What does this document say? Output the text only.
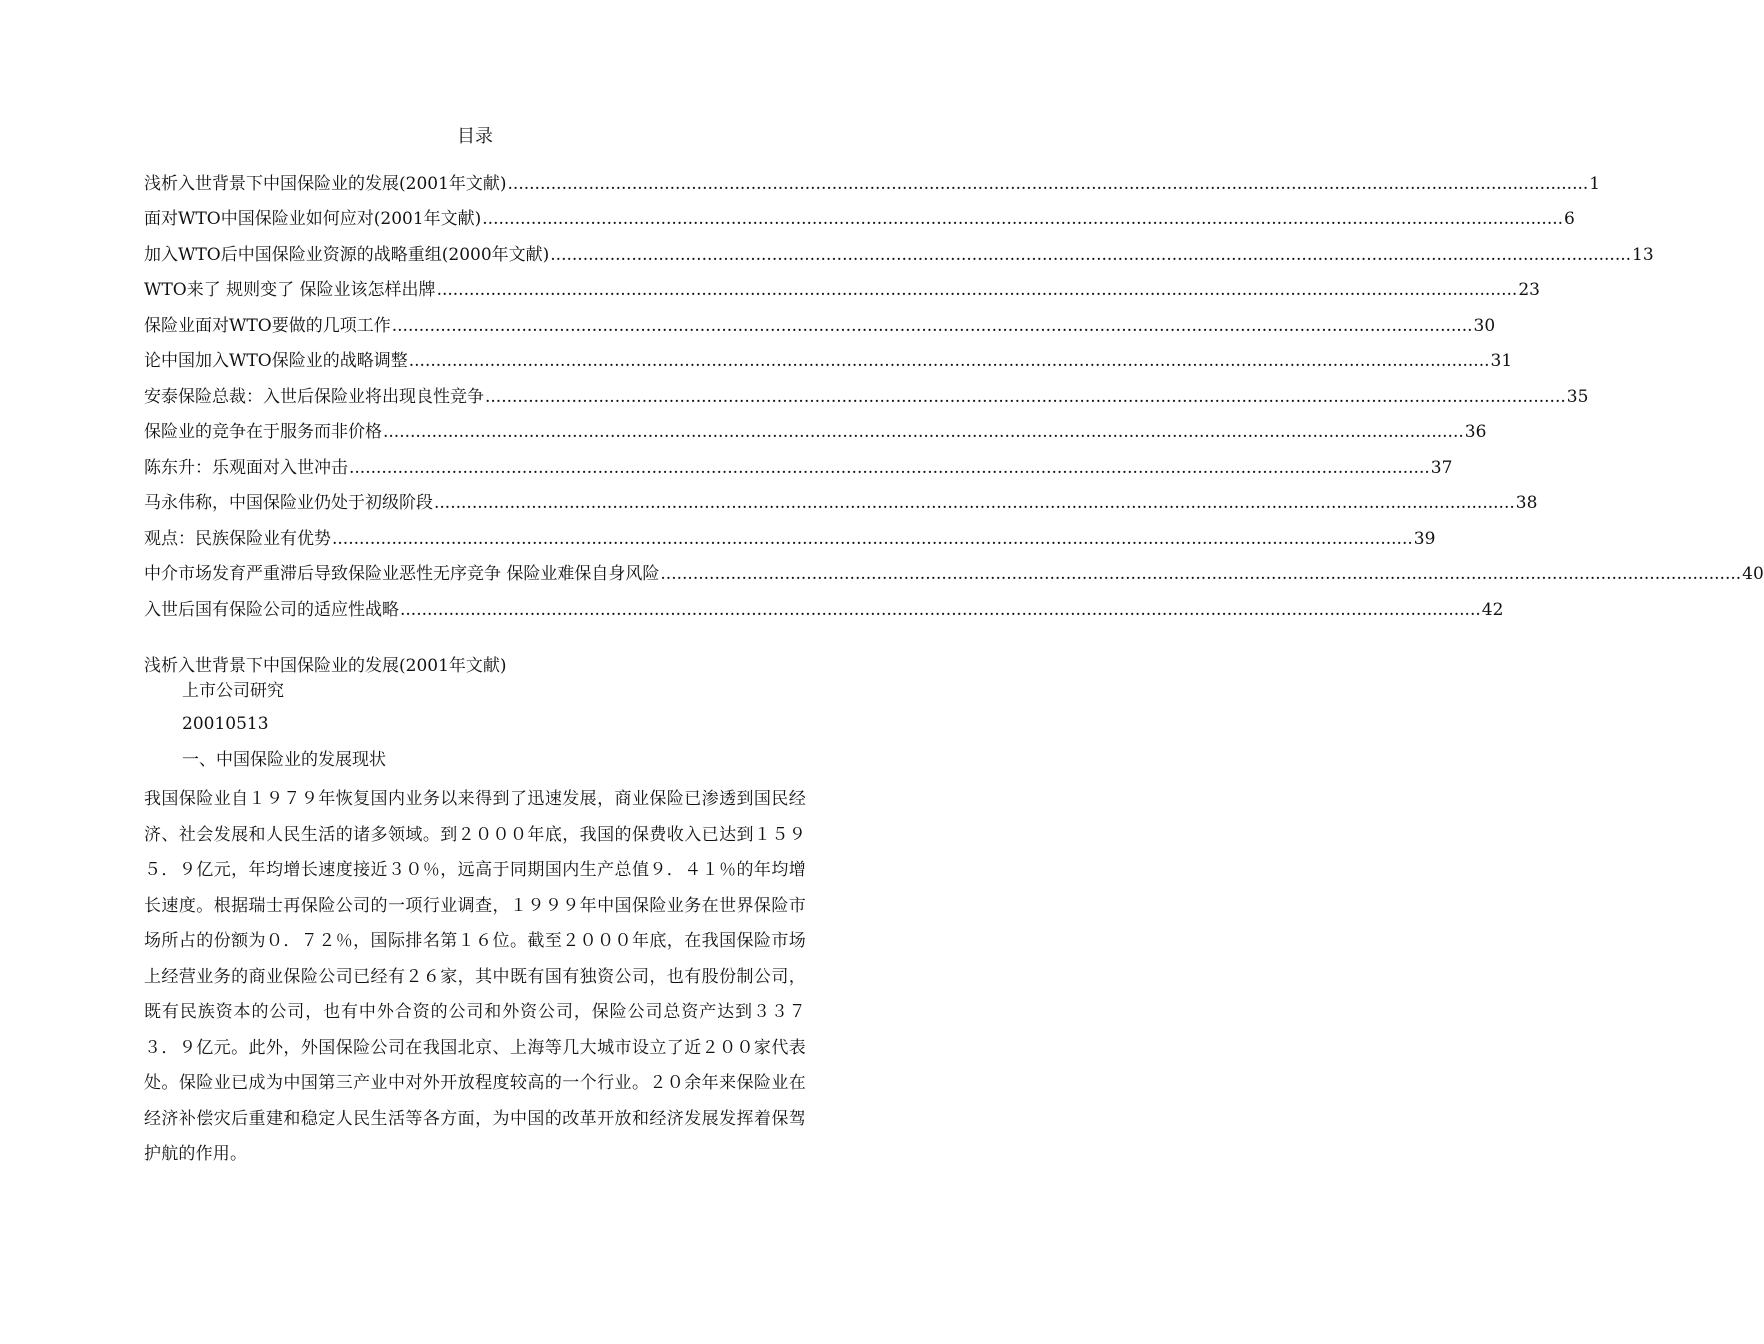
目录
浅析入世背景下中国保险业的发展(2001年文献) ........................................................................................................................................................................................................ 1
面对WTO中国保险业如何应对(2001年文献) ........................................................................................................................................................................................................ 6
加入WTO后中国保险业资源的战略重组(2000年文献) ........................................................................................................................................................................................................ 13
WTO来了 规则变了 保险业该怎样出牌 ........................................................................................................................................................................................................ 23
保险业面对WTO要做的几项工作 ........................................................................................................................................................................................................ 30
论中国加入WTO保险业的战略调整 ........................................................................................................................................................................................................ 31
安泰保险总裁：入世后保险业将出现良性竞争 ........................................................................................................................................................................................................ 35
保险业的竞争在于服务而非价格 ........................................................................................................................................................................................................ 36
陈东升：乐观面对入世冲击 ........................................................................................................................................................................................................ 37
马永伟称，中国保险业仍处于初级阶段 ........................................................................................................................................................................................................ 38
观点：民族保险业有优势 ........................................................................................................................................................................................................ 39
中介市场发育严重滞后导致保险业恶性无序竞争 保险业难保自身风险 ........................................................................................................................................................................................................ 40
入世后国有保险公司的适应性战略 ........................................................................................................................................................................................................ 42
浅析入世背景下中国保险业的发展(2001年文献)
上市公司研究
20010513
一、中国保险业的发展现状
我国保险业自１９７９年恢复国内业务以来得到了迅速发展，商业保险已渗透到国民经济、社会发展和人民生活的诸多领域。到２０００年底，我国的保费收入已达到１５９５．９亿元，年均增长速度接近３０％，远高于同期国内生产总值９．４１％的年均增长速度。根据瑞士再保险公司的一项行业调查，１９９９年中国保险业务在世界保险市场所占的份额为０．７２％，国际排名第１６位。截至２０００年底，在我国保险市场上经营业务的商业保险公司已经有２６家，其中既有国有独资公司，也有股份制公司，既有民族资本的公司，也有中外合资的公司和外资公司，保险公司总资产达到３３７３．９亿元。此外，外国保险公司在我国北京、上海等几大城市设立了近２００家代表处。保险业已成为中国第三产业中对外开放程度较高的一个行业。２０余年来保险业在经济补偿灾后重建和稳定人民生活等各方面，为中国的改革开放和经济发展发挥着保驾护航的作用。
